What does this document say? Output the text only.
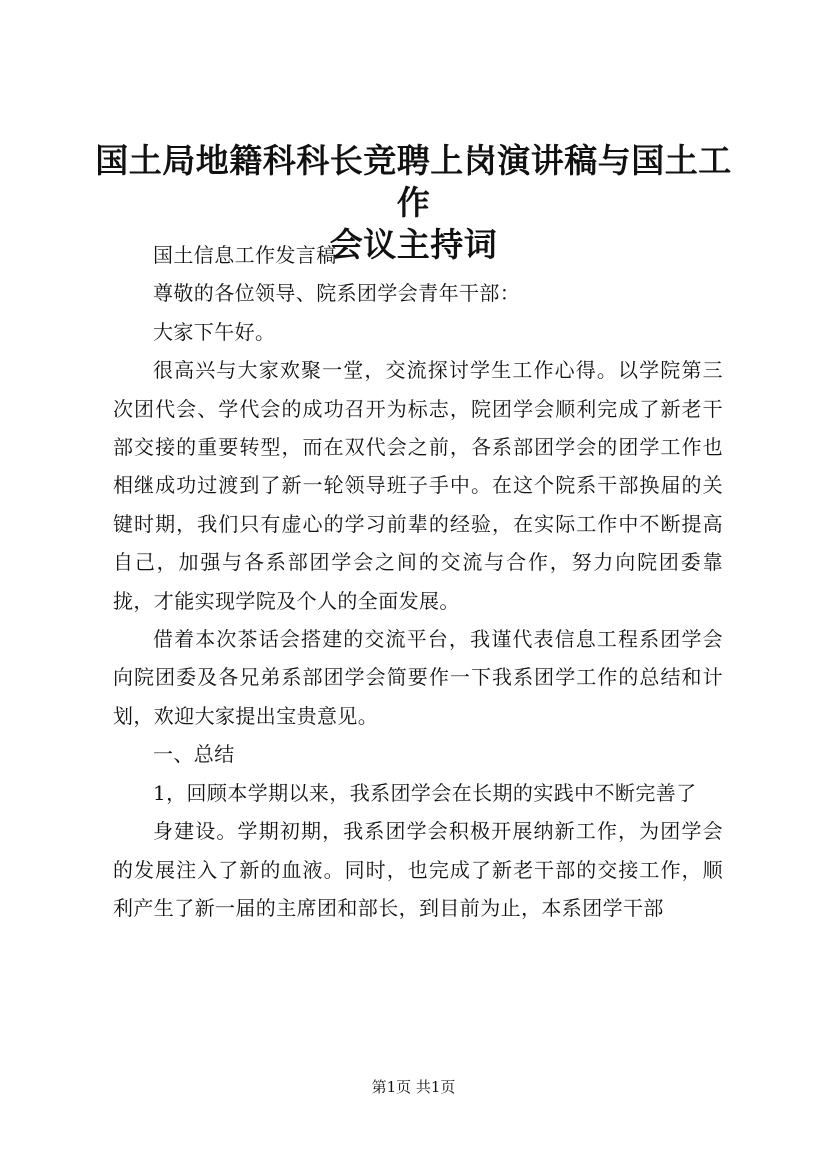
国土局地籍科科长竞聘上岗演讲稿与国土工作
会议主持词

国土信息工作发言稿

尊敬的各位领导、院系团学会青年干部：

大家下午好。

很高兴与大家欢聚一堂，交流探讨学生工作心得。以学院第三次团代会、学代会的成功召开为标志，院团学会顺利完成了新老干部交接的重要转型，而在双代会之前，各系部团学会的团学工作也相继成功过渡到了新一轮领导班子手中。在这个院系干部换届的关键时期，我们只有虚心的学习前辈的经验，在实际工作中不断提高自己，加强与各系部团学会之间的交流与合作，努力向院团委靠拢，才能实现学院及个人的全面发展。

借着本次茶话会搭建的交流平台，我谨代表信息工程系团学会向院团委及各兄弟系部团学会简要作一下我系团学工作的总结和计划，欢迎大家提出宝贵意见。

一、总结

1，回顾本学期以来，我系团学会在长期的实践中不断完善了

身建设。学期初期，我系团学会积极开展纳新工作，为团学会的发展注入了新的血液。同时，也完成了新老干部的交接工作，顺利产生了新一届的主席团和部长，到目前为止，本系团学干部

第1页 共1页
